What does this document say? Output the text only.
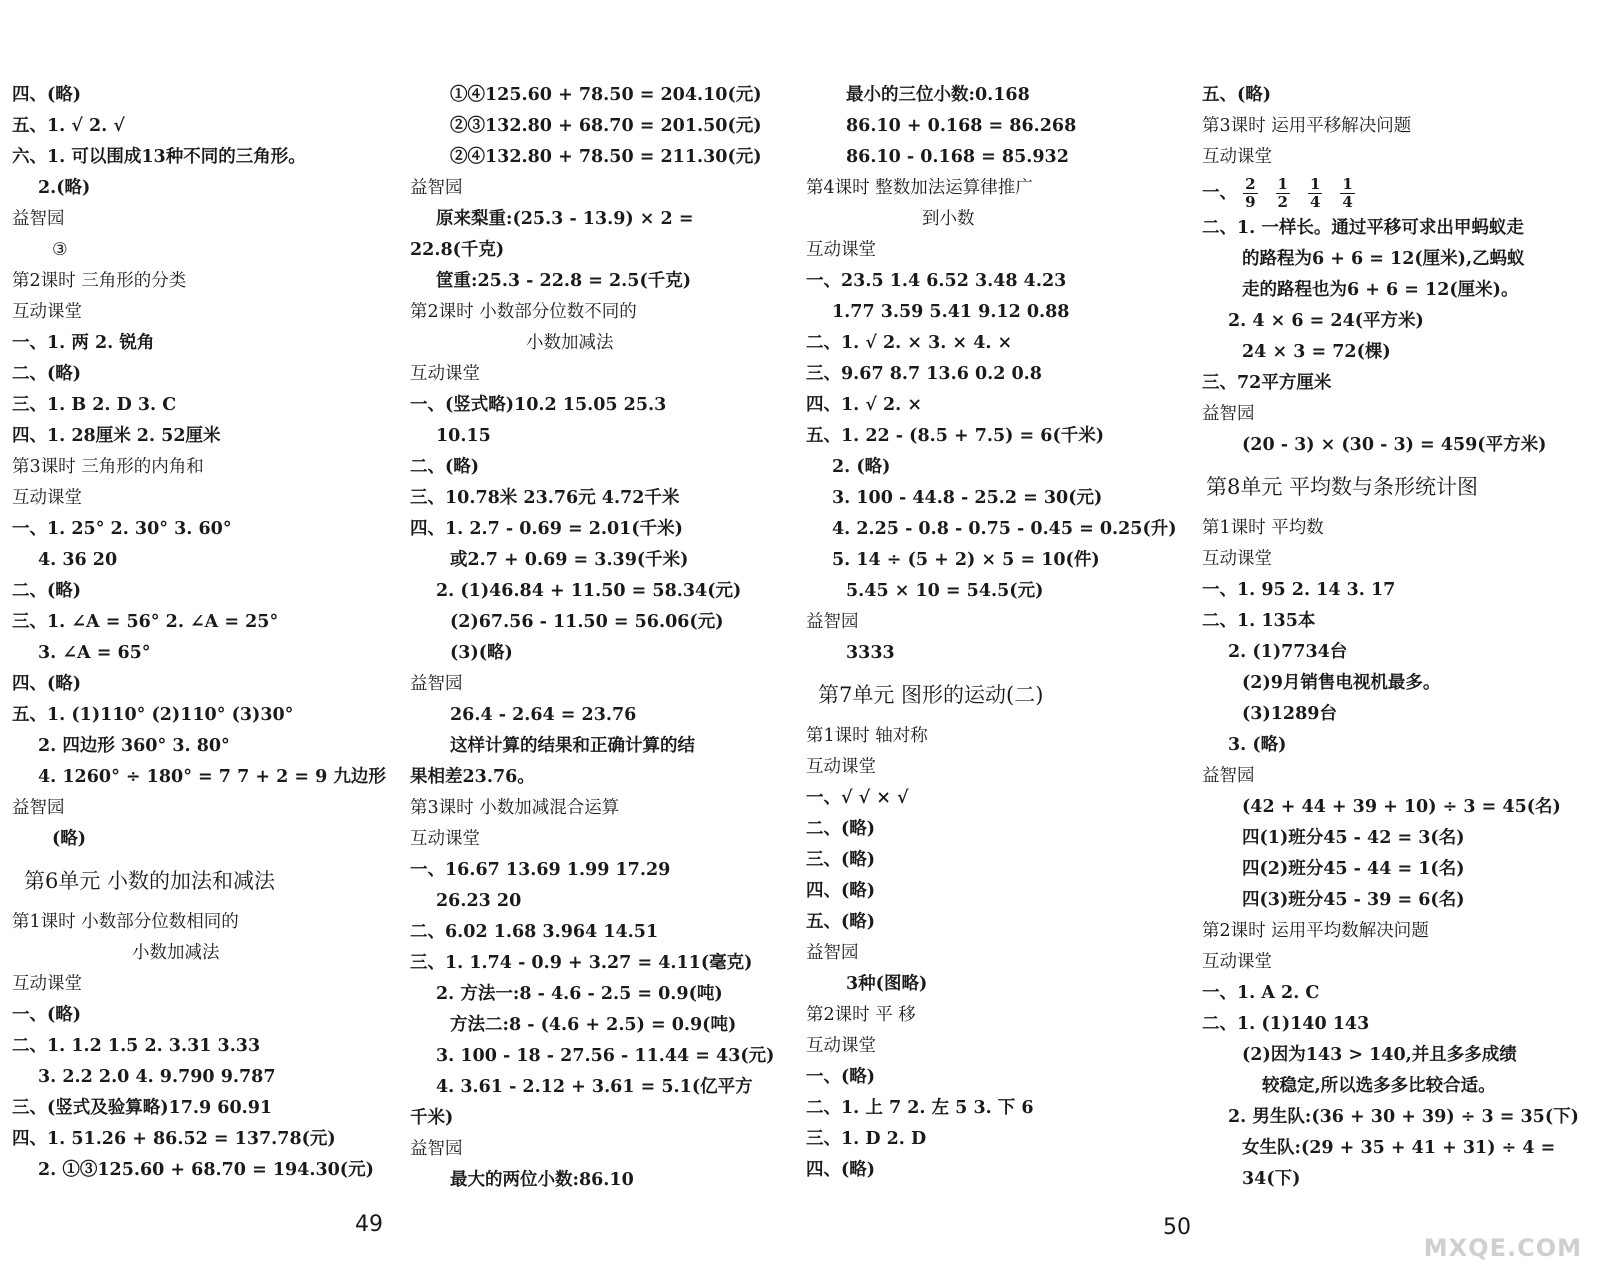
四、(略)
五、1. √ 2. √
六、1. 可以围成13种不同的三角形。
2.(略)
益智园
③
第2课时 三角形的分类
互动课堂
一、1. 两 2. 锐角
二、(略)
三、1. B 2. D 3. C
四、1. 28厘米 2. 52厘米
第3课时 三角形的内角和
互动课堂
一、1. 25° 2. 30° 3. 60°
4. 36 20
二、(略)
三、1. ∠A = 56° 2. ∠A = 25°
3. ∠A = 65°
四、(略)
五、1. (1)110° (2)110° (3)30°
2. 四边形 360° 3. 80°
4. 1260° ÷ 180° = 7 7 + 2 = 9 九边形
益智园
(略)
第6单元 小数的加法和减法
第1课时 小数部分位数相同的
小数加减法
互动课堂
一、(略)
二、1. 1.2 1.5 2. 3.31 3.33
3. 2.2 2.0 4. 9.790 9.787
三、(竖式及验算略)17.9 60.91
四、1. 51.26 + 86.52 = 137.78(元)
2. ①③125.60 + 68.70 = 194.30(元)
①④125.60 + 78.50 = 204.10(元)
②③132.80 + 68.70 = 201.50(元)
②④132.80 + 78.50 = 211.30(元)
益智园
原来梨重:(25.3 - 13.9) × 2 =
22.8(千克)
筐重:25.3 - 22.8 = 2.5(千克)
第2课时 小数部分位数不同的
小数加减法
互动课堂
一、(竖式略)10.2 15.05 25.3
10.15
二、(略)
三、10.78米 23.76元 4.72千米
四、1. 2.7 - 0.69 = 2.01(千米)
或2.7 + 0.69 = 3.39(千米)
2. (1)46.84 + 11.50 = 58.34(元)
(2)67.56 - 11.50 = 56.06(元)
(3)(略)
益智园
26.4 - 2.64 = 23.76
这样计算的结果和正确计算的结
果相差23.76。
第3课时 小数加减混合运算
互动课堂
一、16.67 13.69 1.99 17.29
26.23 20
二、6.02 1.68 3.964 14.51
三、1. 1.74 - 0.9 + 3.27 = 4.11(毫克)
2. 方法一:8 - 4.6 - 2.5 = 0.9(吨)
方法二:8 - (4.6 + 2.5) = 0.9(吨)
3. 100 - 18 - 27.56 - 11.44 = 43(元)
4. 3.61 - 2.12 + 3.61 = 5.1(亿平方
千米)
益智园
最大的两位小数:86.10
最小的三位小数:0.168
86.10 + 0.168 = 86.268
86.10 - 0.168 = 85.932
第4课时 整数加法运算律推广
到小数
互动课堂
一、23.5 1.4 6.52 3.48 4.23
1.77 3.59 5.41 9.12 0.88
二、1. √ 2. × 3. × 4. ×
三、9.67 8.7 13.6 0.2 0.8
四、1. √ 2. ×
五、1. 22 - (8.5 + 7.5) = 6(千米)
2. (略)
3. 100 - 44.8 - 25.2 = 30(元)
4. 2.25 - 0.8 - 0.75 - 0.45 = 0.25(升)
5. 14 ÷ (5 + 2) × 5 = 10(件)
5.45 × 10 = 54.5(元)
益智园
3333
第7单元 图形的运动(二)
第1课时 轴对称
互动课堂
一、√ √ × √
二、(略)
三、(略)
四、(略)
五、(略)
益智园
3种(图略)
第2课时 平 移
互动课堂
一、(略)
二、1. 上 7 2. 左 5 3. 下 6
三、1. D 2. D
四、(略)
五、(略)
第3课时 运用平移解决问题
互动课堂
一、 $\frac{2}{9} \frac{1}{2} \frac{1}{4} \frac{1}{4}$
二、1. 一样长。通过平移可求出甲蚂蚁走
的路程为6 + 6 = 12(厘米),乙蚂蚁
走的路程也为6 + 6 = 12(厘米)。
2. 4 × 6 = 24(平方米)
24 × 3 = 72(棵)
三、72平方厘米
益智园
(20 - 3) × (30 - 3) = 459(平方米)
第8单元 平均数与条形统计图
第1课时 平均数
互动课堂
一、1. 95 2. 14 3. 17
二、1. 135本
2. (1)7734台
(2)9月销售电视机最多。
(3)1289台
3. (略)
益智园
(42 + 44 + 39 + 10) ÷ 3 = 45(名)
四(1)班分45 - 42 = 3(名)
四(2)班分45 - 44 = 1(名)
四(3)班分45 - 39 = 6(名)
第2课时 运用平均数解决问题
互动课堂
一、1. A 2. C
二、1. (1)140 143
(2)因为143 > 140,并且多多成绩
较稳定,所以选多多比较合适。
2. 男生队:(36 + 30 + 39) ÷ 3 = 35(下)
女生队:(29 + 35 + 41 + 31) ÷ 4 =
34(下)
49	50
MXQE.COM
